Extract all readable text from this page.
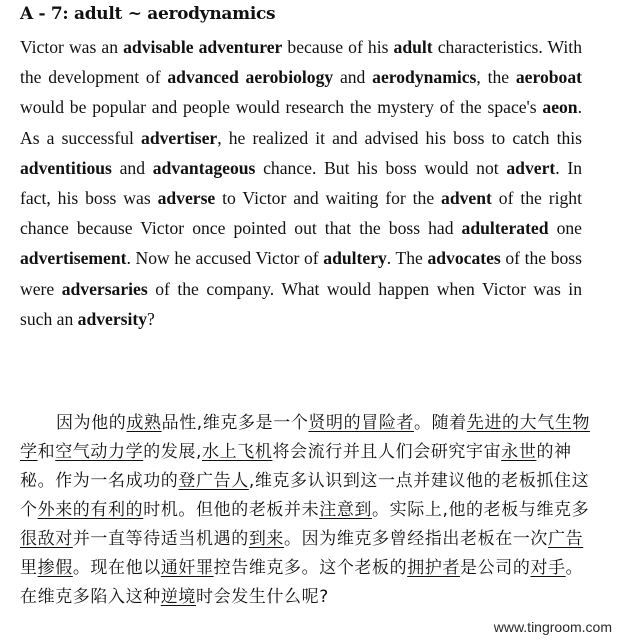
A - 7: adult ~ aerodynamics
Victor was an advisable adventurer because of his adult characteristics. With the development of advanced aerobiology and aerodynamics, the aeroboat would be popular and people would research the mystery of the space's aeon. As a successful advertiser, he realized it and advised his boss to catch this adventitious and advantageous chance. But his boss would not advert. In fact, his boss was adverse to Victor and waiting for the advent of the right chance because Victor once pointed out that the boss had adulterated one advertisement. Now he accused Victor of adultery. The advocates of the boss were adversaries of the company. What would happen when Victor was in such an adversity?
因为他的成熟品性,维克多是一个贤明的冒险者。随着先进的大气生物学和空气动力学的发展,水上飞机将会流行并且人们会研究宇宙永世的神秘。作为一名成功的登广告人,维克多认识到这一点并建议他的老板抓住这个外来的有利的时机。但他的老板并未注意到。实际上,他的老板与维克多很敌对并一直等待适当机遇的到来。因为维克多曾经指出老板在一次广告里掺假。现在他以通奸罪控告维克多。这个老板的拥护者是公司的对手。在维克多陷入这种逆境时会发生什么呢?
www.tingroom.com
